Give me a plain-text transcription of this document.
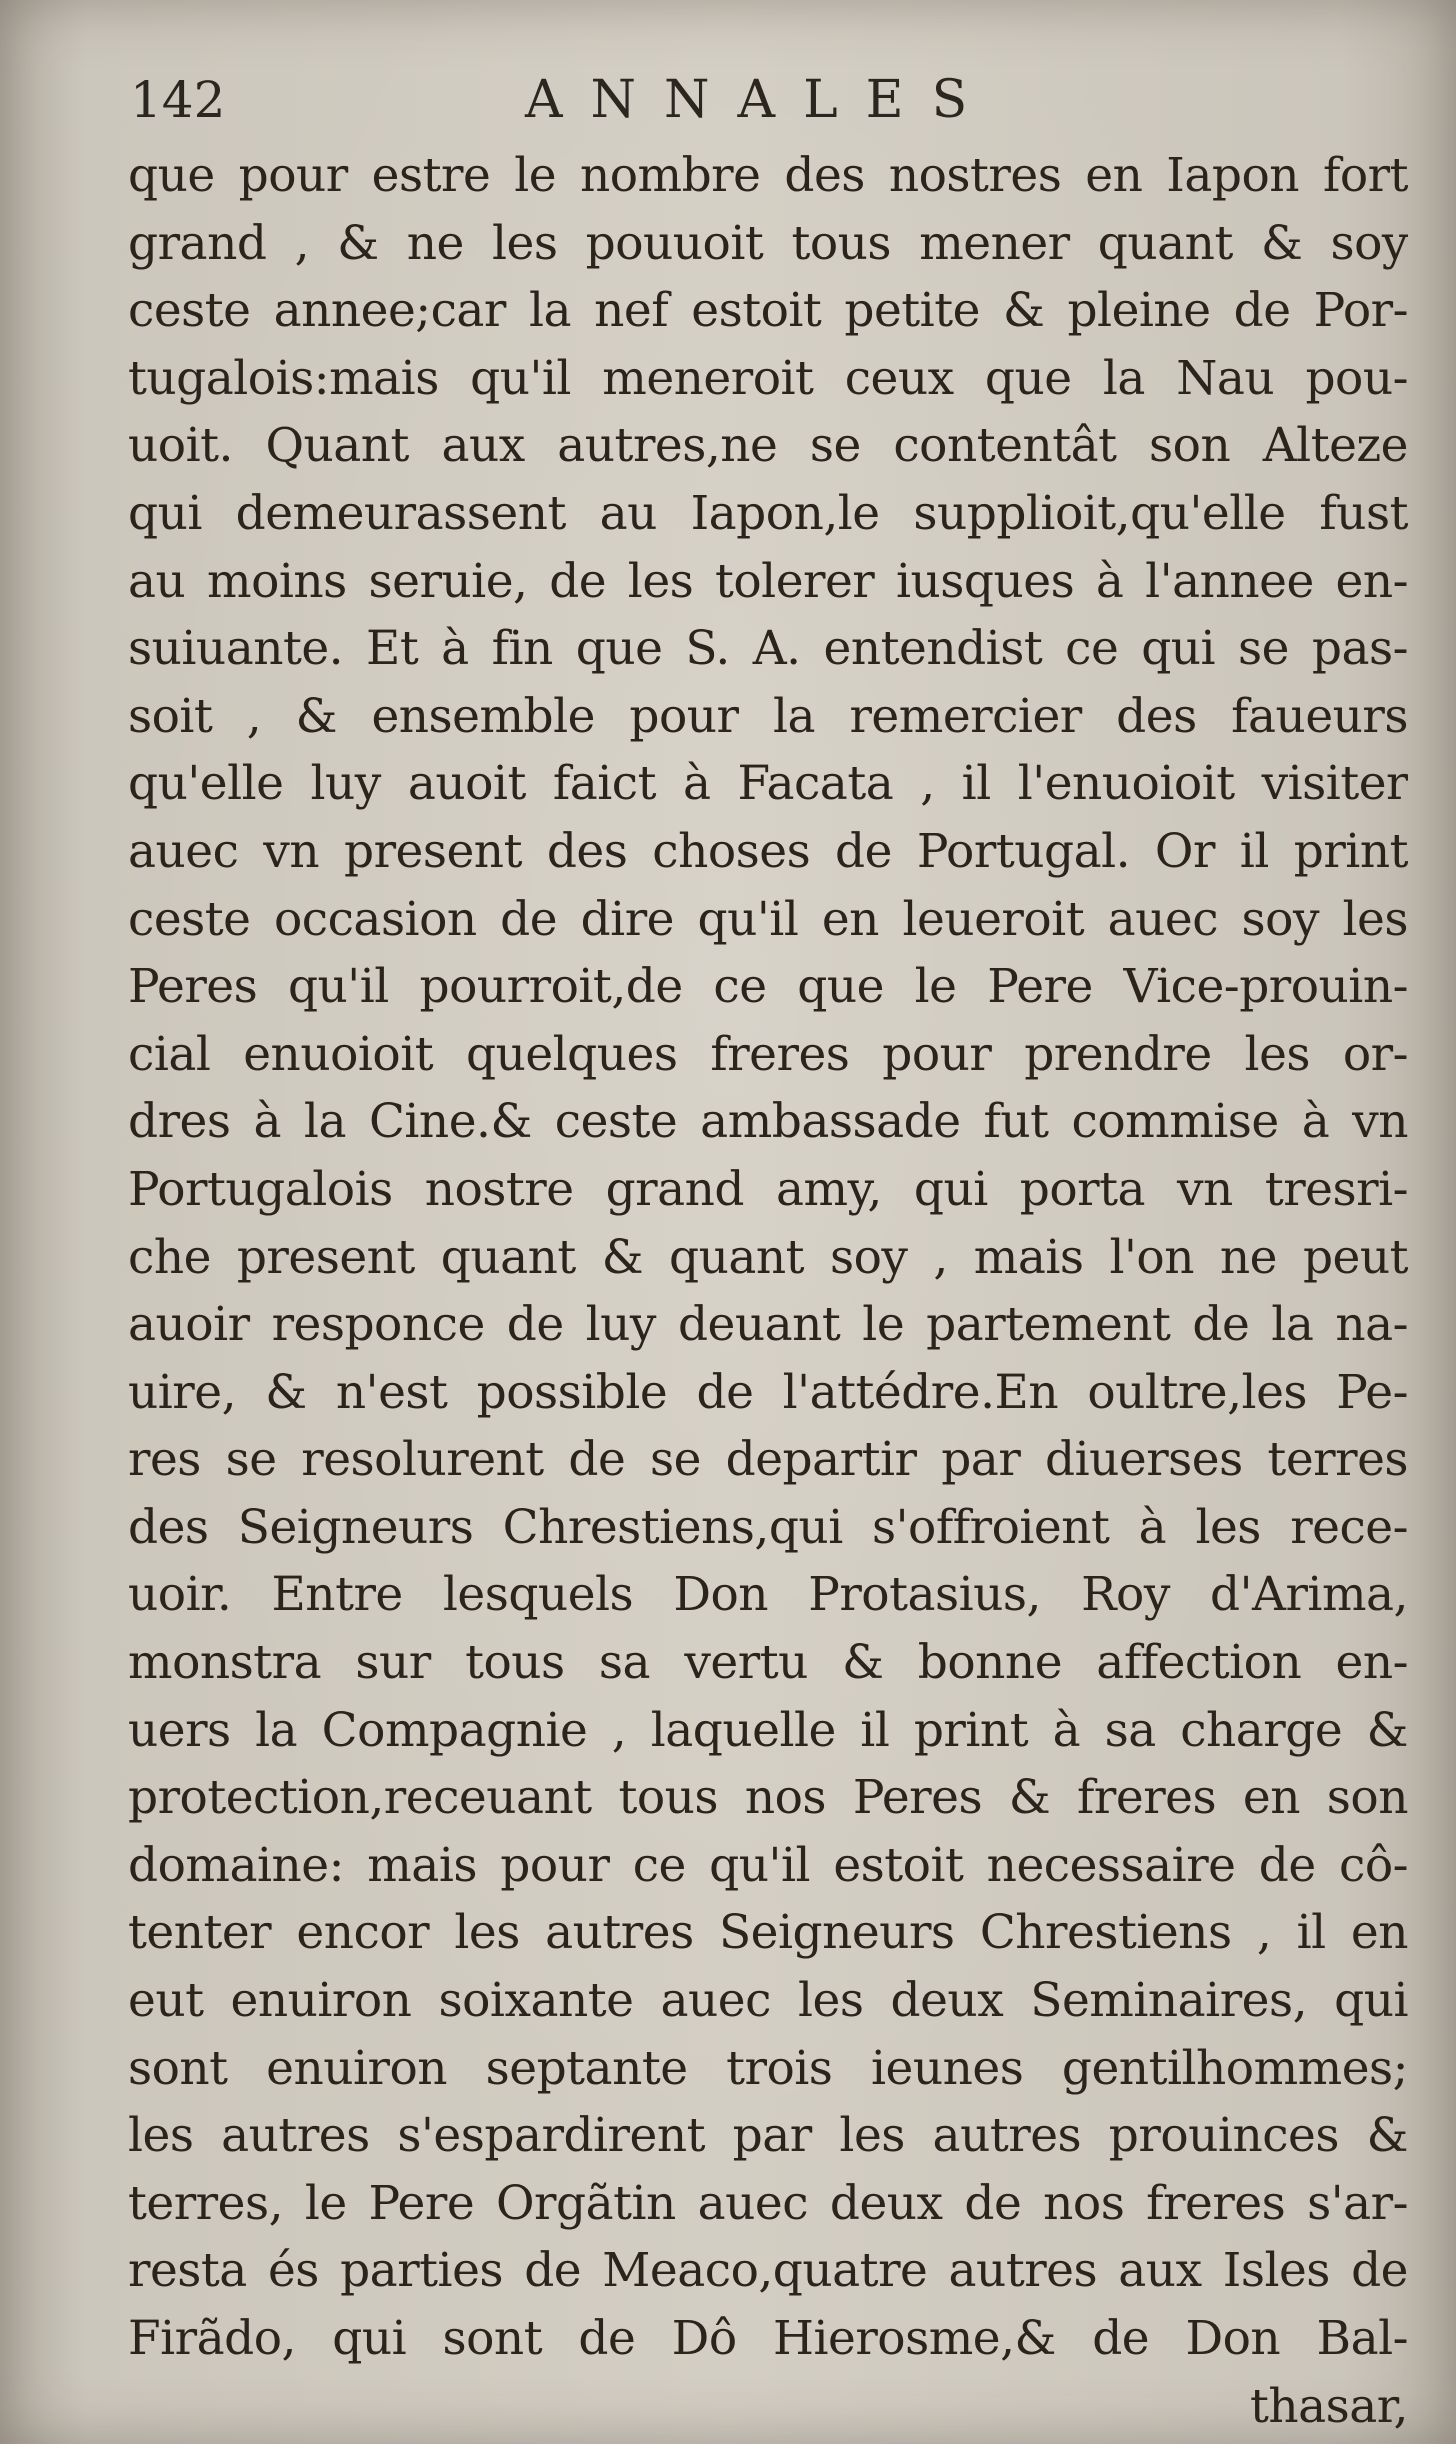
142	ANNALES
que pour estre le nombre des nostres en Iapon fort
grand , & ne les pouuoit tous mener quant & soy
ceste annee;car la nef estoit petite & pleine de Por-
tugalois:mais qu'il meneroit ceux que la Nau pou-
uoit. Quant aux autres,ne se contentât son Alteze
qui demeurassent au Iapon,le supplioit,qu'elle fust
au moins seruie, de les tolerer iusques à l'annee en-
suiuante. Et à fin que S. A. entendist ce qui se pas-
soit , & ensemble pour la remercier des faueurs
qu'elle luy auoit faict à Facata , il l'enuoioit visiter
auec vn present des choses de Portugal. Or il print
ceste occasion de dire qu'il en leueroit auec soy les
Peres qu'il pourroit,de ce que le Pere Vice-prouin-
cial enuoioit quelques freres pour prendre les or-
dres à la Cine.& ceste ambassade fut commise à vn
Portugalois nostre grand amy, qui porta vn tresri-
che present quant & quant soy , mais l'on ne peut
auoir responce de luy deuant le partement de la na-
uire, & n'est possible de l'attédre.En oultre,les Pe-
res se resolurent de se departir par diuerses terres
des Seigneurs Chrestiens,qui s'offroient à les rece-
uoir. Entre lesquels Don Protasius, Roy d'Arima,
monstra sur tous sa vertu & bonne affection en-
uers la Compagnie , laquelle il print à sa charge &
protection,receuant tous nos Peres & freres en son
domaine: mais pour ce qu'il estoit necessaire de cô-
tenter encor les autres Seigneurs Chrestiens , il en
eut enuiron soixante auec les deux Seminaires, qui
sont enuiron septante trois ieunes gentilhommes;
les autres s'espardirent par les autres prouinces &
terres, le Pere Orgãtin auec deux de nos freres s'ar-
resta és parties de Meaco,quatre autres aux Isles de
Firãdo, qui sont de Dô Hierosme,& de Don Bal-
thasar,
